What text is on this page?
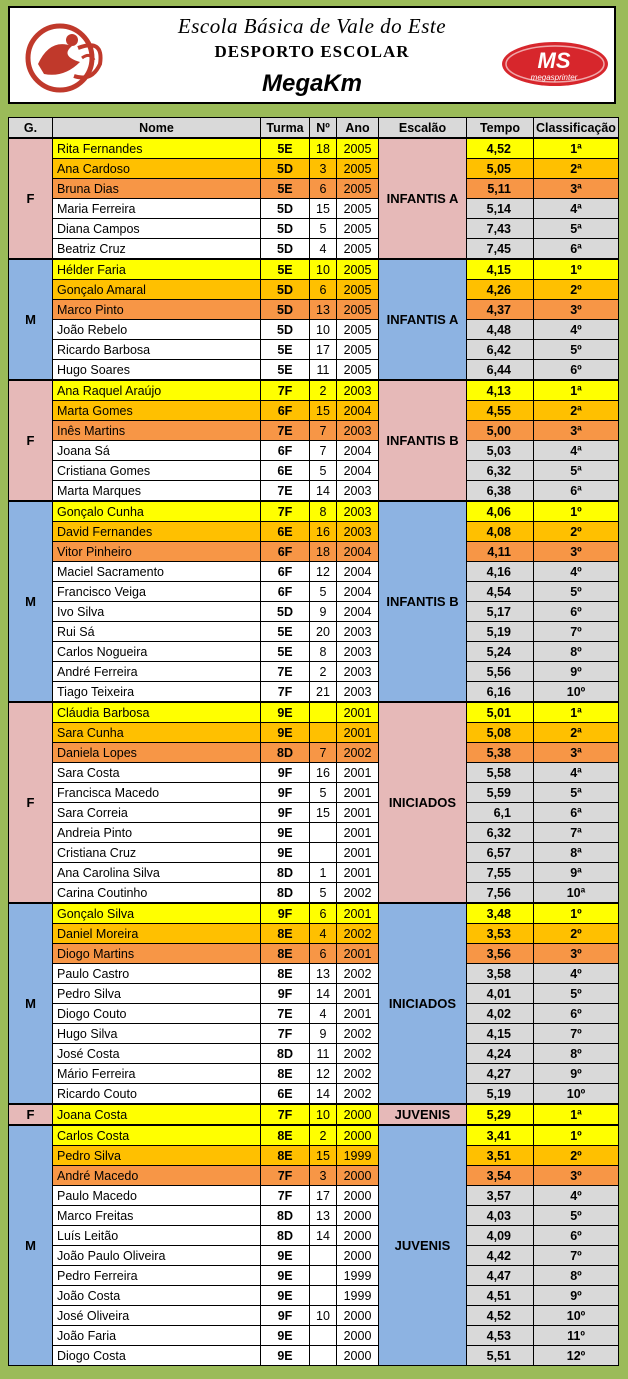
Escola Básica de Vale do Este
DESPORTO ESCOLAR
MegaKm
MS
megasprinter
G.	Nome	Turma	Nº	Ano	Escalão	Tempo	Classificação
F	Rita Fernandes	5E	18	2005	INFANTIS A	4,52	1ª
	Ana Cardoso	5D	3	2005		5,05	2ª
	Bruna Dias	5E	6	2005		5,11	3ª
	Maria Ferreira	5D	15	2005		5,14	4ª
	Diana Campos	5D	5	2005		7,43	5ª
	Beatriz Cruz	5D	4	2005		7,45	6ª
M	Hélder Faria	5E	10	2005	INFANTIS A	4,15	1º
	Gonçalo Amaral	5D	6	2005		4,26	2º
	Marco Pinto	5D	13	2005		4,37	3º
	João Rebelo	5D	10	2005		4,48	4º
	Ricardo Barbosa	5E	17	2005		6,42	5º
	Hugo Soares	5E	11	2005		6,44	6º
F	Ana Raquel Araújo	7F	2	2003	INFANTIS B	4,13	1ª
	Marta Gomes	6F	15	2004		4,55	2ª
	Inês Martins	7E	7	2003		5,00	3ª
	Joana Sá	6F	7	2004		5,03	4ª
	Cristiana Gomes	6E	5	2004		6,32	5ª
	Marta Marques	7E	14	2003		6,38	6ª
M	Gonçalo Cunha	7F	8	2003	INFANTIS B	4,06	1º
	David Fernandes	6E	16	2003		4,08	2º
	Vitor Pinheiro	6F	18	2004		4,11	3º
	Maciel Sacramento	6F	12	2004		4,16	4º
	Francisco Veiga	6F	5	2004		4,54	5º
	Ivo Silva	5D	9	2004		5,17	6º
	Rui Sá	5E	20	2003		5,19	7º
	Carlos Nogueira	5E	8	2003		5,24	8º
	André Ferreira	7E	2	2003		5,56	9º
	Tiago Teixeira	7F	21	2003		6,16	10º
F	Cláudia Barbosa	9E		2001	INICIADOS	5,01	1ª
	Sara Cunha	9E		2001		5,08	2ª
	Daniela Lopes	8D	7	2002		5,38	3ª
	Sara Costa	9F	16	2001		5,58	4ª
	Francisca Macedo	9F	5	2001		5,59	5ª
	Sara Correia	9F	15	2001		6,1	6ª
	Andreia Pinto	9E		2001		6,32	7ª
	Cristiana Cruz	9E		2001		6,57	8ª
	Ana Carolina Silva	8D	1	2001		7,55	9ª
	Carina Coutinho	8D	5	2002		7,56	10ª
M	Gonçalo Silva	9F	6	2001	INICIADOS	3,48	1º
	Daniel Moreira	8E	4	2002		3,53	2º
	Diogo Martins	8E	6	2001		3,56	3º
	Paulo Castro	8E	13	2002		3,58	4º
	Pedro Silva	9F	14	2001		4,01	5º
	Diogo Couto	7E	4	2001		4,02	6º
	Hugo Silva	7F	9	2002		4,15	7º
	José Costa	8D	11	2002		4,24	8º
	Mário Ferreira	8E	12	2002		4,27	9º
	Ricardo Couto	6E	14	2002		5,19	10º
F	Joana Costa	7F	10	2000	JUVENIS	5,29	1ª
M	Carlos Costa	8E	2	2000	JUVENIS	3,41	1º
	Pedro Silva	8E	15	1999		3,51	2º
	André Macedo	7F	3	2000		3,54	3º
	Paulo Macedo	7F	17	2000		3,57	4º
	Marco Freitas	8D	13	2000		4,03	5º
	Luís Leitão	8D	14	2000		4,09	6º
	João Paulo Oliveira	9E		2000		4,42	7º
	Pedro Ferreira	9E		1999		4,47	8º
	João Costa	9E		1999		4,51	9º
	José Oliveira	9F	10	2000		4,52	10º
	João Faria	9E		2000		4,53	11º
	Diogo Costa	9E		2000		5,51	12º
